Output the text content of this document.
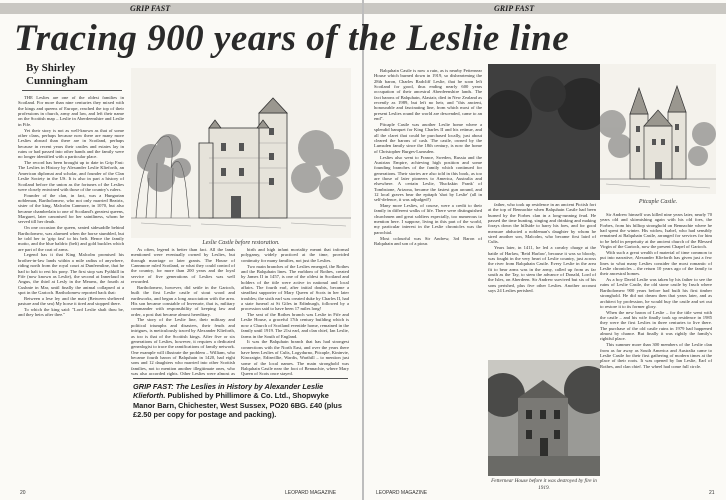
GRIP FAST
By Shirley Cunningham

THE Leslies are one of the oldest families in Scotland. For more than nine centuries they mixed with the kings and queens of Europe, reached the top of their professions in church, army and law, and left their name on the Scottish map – Leslie in Aberdeenshire and Leslie in Fife.

Yet their story is not as well-known as that of some other clans, perhaps because now there are many more Leslies abroad than there are in Scotland, perhaps because in recent years their castles and estates lay in ruins or had passed into other hands and the family were no longer identified with a particular place.

The record has been brought up to date in Grip Fast: The Leslies in History by Alexander Leslie Klieforth, an American diplomat and scholar, and founder of the Clan Leslie Society in the US. It is also in part a history of Scotland before the union as the fortunes of the Leslies were closely entwined with those of the country's rulers.

Founder of the clan, in fact, was a Hungarian nobleman, Bartholomew, who not only married Beatrix, sister of the king, Malcolm Canmore, in 1070, but also became chamberlain to one of Scotland's greatest queens, Margaret, later canonised for her saintliness, whom he served till her death.

On one occasion the queen, seated sidesaddle behind Bartholomew, was alarmed when the horse stumbled, but he told her to 'grip fast' to his belt. Hence the family motto, and the blue baldric (belt) and gold buckles which are part of the coat of arms.

Legend has it that King Malcolm promised his brother-in-law lands within a mile radius of anywhere, riding north from the royal court at Dunfermline, that he had to halt to rest his pony. The first stop was Fythkill in Fife (now known as Leslie), the second at Innerlaud in Angus, the third at Lesly in the Mearns, the fourth at Cushnie in Mar, until finally the animal collapsed at a spot in the Garioch. Bartholomew reported back that:

Between a lese ley and the mair (Between sheltered pasture and the sea) My horse it tired and stopped there.

To which the king said: "Lord Leslie shalt thou be, and they heirs after thee."

As often, legend is better than fact. All the lands mentioned were eventually owned by Leslies, but through marriage or later grants. The House of Cannmore ruled Scotland, or what they could control of the country, for more than 200 years and the loyal service of five generations of Leslies was well rewarded.

Bartholomew, however, did settle in the Garioch, built the first Leslie castle of stout wood and earthworks, and began a long association with the area. His son became constable of Inverurie, that is, military commander with responsibility of keeping law and order, a post that became almost hereditary.

The story of the Leslie line, their military and political triumphs and disasters, their feuds and intrigues, is meticulously traced by Alexander Klieforth, as too is that of the Scottish kings. After five or six generations of Leslies, however, it requires a dedicated genealogist to trace the ramifications of family network. One example will illustrate the problem – William, who became fourth baron of Balquhain in 1420, had eight sons and 12 daughters who married into other Scottish families, not to mention another illegitimate ones, who was also accorded rights. Other Leslies were almost as

birth and high infant mortality meant that informal polygamy, widely practiced at the time, provided continuity for many families, not just the Leslies.

Two main branches of the Leslies emerged, the Rothes and the Balquhain lines. The earldom of Rothes, created by James II in 1457, is one of the oldest in Scotland and holders of the title were active in national and local affairs. The fourth earl, after initial doubts, became a steadfast supporter of Mary Queen of Scots in her later troubles; the sixth earl was created duke by Charles II, had a state funeral at St Giles in Edinburgh, followed by a procession said to have been 17 miles long!

The seat of the Rothes branch was Leslie in Fife and Leslie House, a graceful 17th century building which is now a Church of Scotland eventide home, remained in the family until 1919. The 21st earl, and clan chief, Ian Leslie, farms in the South of England.

It was the Balquhain branch that has had strongest connections with the North East, and over the years there have been Leslies of Cults, Logydurno, Pitcaple, Kininvie, Kincraigie, Edinvillie, Wardis, Warthill – to mention just some of the local names. The main stronghold was Balquhain Castle near the foot of Bennachie, where Mary Queen of Scots once stayed.

Leslie Castle before restoration.
GRIP FAST: The Leslies in History by Alexander Leslie Klieforth. Published by Phillimore & Co. Ltd., Shopwyke Manor Barn, Chichester, West Sussex, PO20 6BG. £40 (plus £2.50 per copy for postage and packing).
20	LEOPARD MAGAZINE
GRIP FAST

Balquhain Castle is now a ruin, as is nearby Fetternear House which burned down in 1919, so disheartening the 28th baron, Charles Radcliff Leslie, that he soon left Scotland for good, thus ending nearly 600 years occupation of their ancestral Aberdeenshire lands. The fact barons of Balquhain, Alastair, died in New Zealand as recently as 1989, but left no heir, and "this ancient, honourable and fascinating line, from which most of the present Leslies round the world are descended, came to an end".

Pitcaple Castle was another Leslie home where a splendid banquet for King Charles II and his retinue, and all the claret that could be purchased locally, just about cleared the barons of cash. The castle, owned by the Lumsden family since the 18th century, is now the home of Christopher Burges-Lumsden.

Leslies also went to France, Sweden, Russia and the Austrian Empire, achieving high position and some founding branches of the family which continued for generations. Their stories are also told in this book, as too are those of later pioneers to America, Australia and elsewhere. A certain Leslie, 'Buckskin Frank' of Tombstone, Arizona, became the fastest gun around, and 12 local graves bear the epitaph 'shot by Leslie' (all in self-defence, it was adjudged!)

Many more Leslies, of course, were a credit to their family in different walks of life. There were distinguished churchmen and great soldiers especially, too numerous to mention here. I suppose, living in this part of the world, my particular interest in the Leslie chronicles was the parochial.

Most colourful was Sir Andrew, 3rd Baron of Balquhain and son of a pious

father, who took up residence in an ancient Pictish fort at the top of Bennachie when Balquhain Castle had been burned by the Forbes clan in a long-running feud. He passed the time hunting, singing and drinking and making forays down the hillside to harry his foes, and for good measure abducted a nobleman's daughter by whom he sired another son, Malcolm, who became first laird of Cults.

Years later, in 1411, he led a cavalry charge at the battle of Harlaw, 'Reid Harlaw', because it was so bloody, was fought in the very heart of Leslie country, just across the river from Balquhain Castle. Every Leslie in the area fit to bear arms was in the army, called up from as far south as the Tay, to stem the advance of Donald, Lord of the Isles, on Aberdeen. Sir Andrew survived but six of his sons perished, plus five other Leslies. Another account says 24 Leslies perished.

Sir Andrew himself was killed nine years later, nearly 70 years old and skirmishing again with his old foes, the Forbes, from his hilltop stronghold on Bennachie where he had spent the winter. His widow, Isabel, who had sensibly remained at Balquhain Castle, arranged for services for him to be held in perpetuity at the ancient church of the Blessed Virgin of the Garioch, now the present Chapel of Garioch.

With such a great wealth of material of time common to put into narrative, Alexander Klieforth has given just a few lines to what many Leslies consider the most romantic of Leslie chronicles – the return 10 years ago of the family to their ancestral homes.

As a boy David Leslie was taken by his father to see the ruins of Leslie Castle, the old stone castle by Insch where Bartholomew 900 years before had built his first timber stronghold. He did not dream then that years later, and as architect by profession, he would buy the castle and set out to restore it to its former glory.

When the new baron of Leslie – for the title went with the castle – and his wife finally took up residence in 1985 they were the first Leslies in three centuries to live there. The purchase of the old castle ruins in 1979 had happened almost by chance. But finally it was rightly the family's rightful place.

This summer more than 300 members of the Leslie clan from as far away as South America and Australia came to Leslie Castle for their first gathering of modern times at the place of their roots. It was opened by Ian Leslie, Earl of Rothes, and clan chief. The wheel had come full circle.

Fetternear House before it was destroyed by fire in 1919.
Pitcaple Castle.
LEOPARD MAGAZINE	21
Tracing 900 years of the Leslie line
